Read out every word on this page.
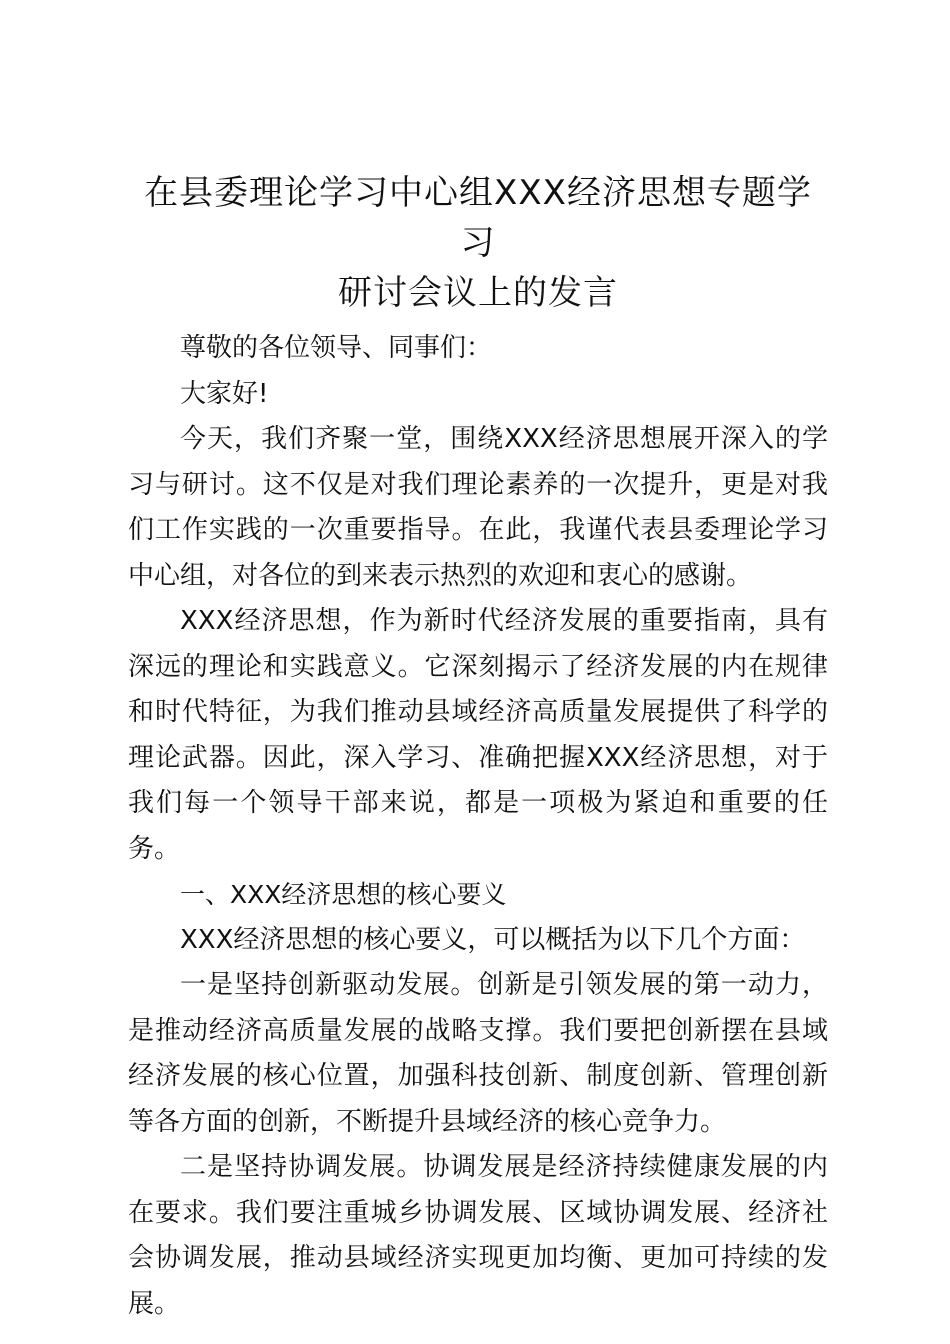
在县委理论学习中心组XXX经济思想专题学习
研讨会议上的发言

尊敬的各位领导、同事们：

大家好!

今天，我们齐聚一堂，围绕XXX经济思想展开深入的学习与研讨。这不仅是对我们理论素养的一次提升，更是对我们工作实践的一次重要指导。在此，我谨代表县委理论学习中心组，对各位的到来表示热烈的欢迎和衷心的感谢。

XXX经济思想，作为新时代经济发展的重要指南，具有深远的理论和实践意义。它深刻揭示了经济发展的内在规律和时代特征，为我们推动县域经济高质量发展提供了科学的理论武器。因此，深入学习、准确把握XXX经济思想，对于我们每一个领导干部来说，都是一项极为紧迫和重要的任务。

一、XXX经济思想的核心要义

XXX经济思想的核心要义，可以概括为以下几个方面：

一是坚持创新驱动发展。创新是引领发展的第一动力，是推动经济高质量发展的战略支撑。我们要把创新摆在县域经济发展的核心位置，加强科技创新、制度创新、管理创新等各方面的创新，不断提升县域经济的核心竞争力。

二是坚持协调发展。协调发展是经济持续健康发展的内在要求。我们要注重城乡协调发展、区域协调发展、经济社会协调发展，推动县域经济实现更加均衡、更加可持续的发展。
